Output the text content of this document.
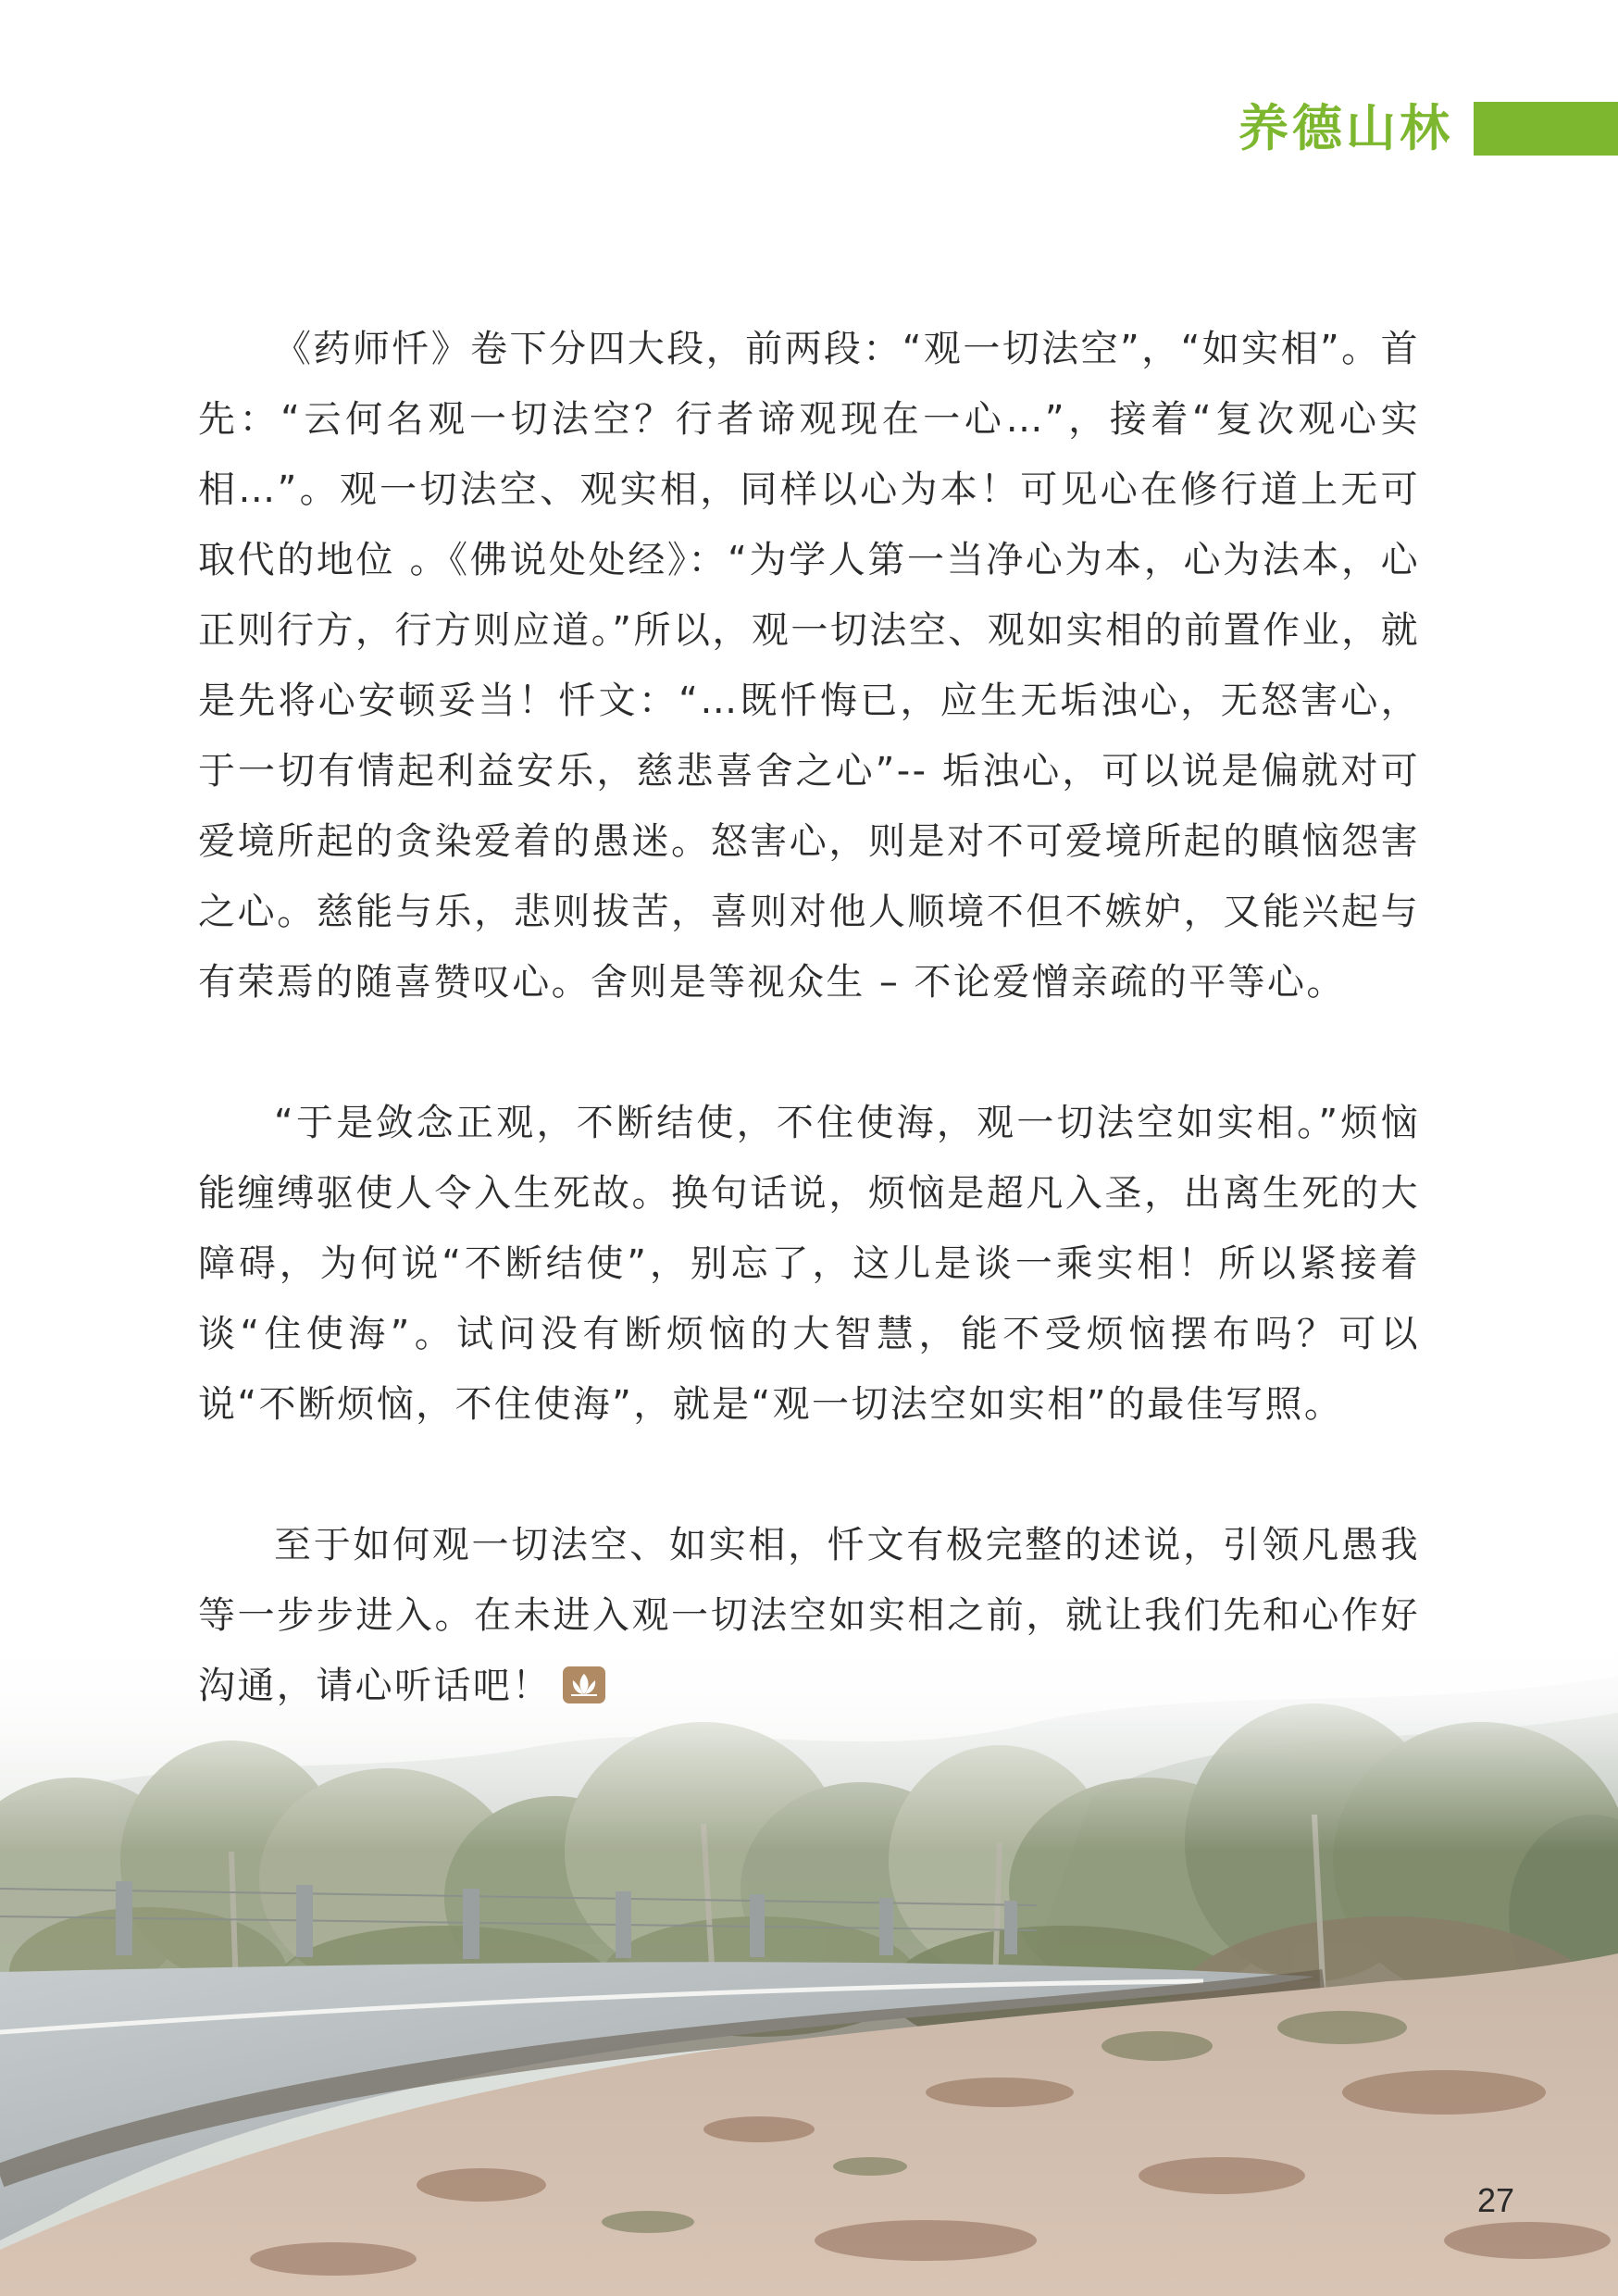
养德山林

《药师忏》卷下分四大段，前两段：“观一切法空”，“如实相”。首先：“云何名观一切法空？行者谛观现在一心…”，接着“复次观心实相…”。观一切法空、观实相，同样以心为本！可见心在修行道上无可取代的地位 。《佛说处处经》：“为学人第一当净心为本，心为法本，心正则行方，行方则应道。”所以，观一切法空、观如实相的前置作业，就是先将心安顿妥当！忏文：“…既忏悔已，应生无垢浊心，无怒害心，于一切有情起利益安乐，慈悲喜舍之心”-- 垢浊心，可以说是偏就对可爱境所起的贪染爱着的愚迷。怒害心，则是对不可爱境所起的瞋恼怨害之心。慈能与乐，悲则拔苦，喜则对他人顺境不但不嫉妒，又能兴起与有荣焉的随喜赞叹心。舍则是等视众生 – 不论爱憎亲疏的平等心。

“于是敛念正观，不断结使，不住使海，观一切法空如实相。”烦恼能缠缚驱使人令入生死故。换句话说，烦恼是超凡入圣，出离生死的大障碍，为何说“不断结使”，别忘了，这儿是谈一乘实相！所以紧接着谈“住使海”。试问没有断烦恼的大智慧，能不受烦恼摆布吗？可以说“不断烦恼，不住使海”，就是“观一切法空如实相”的最佳写照。

至于如何观一切法空、如实相，忏文有极完整的述说，引领凡愚我等一步步进入。在未进入观一切法空如实相之前，就让我们先和心作好沟通，请心听话吧！

27
